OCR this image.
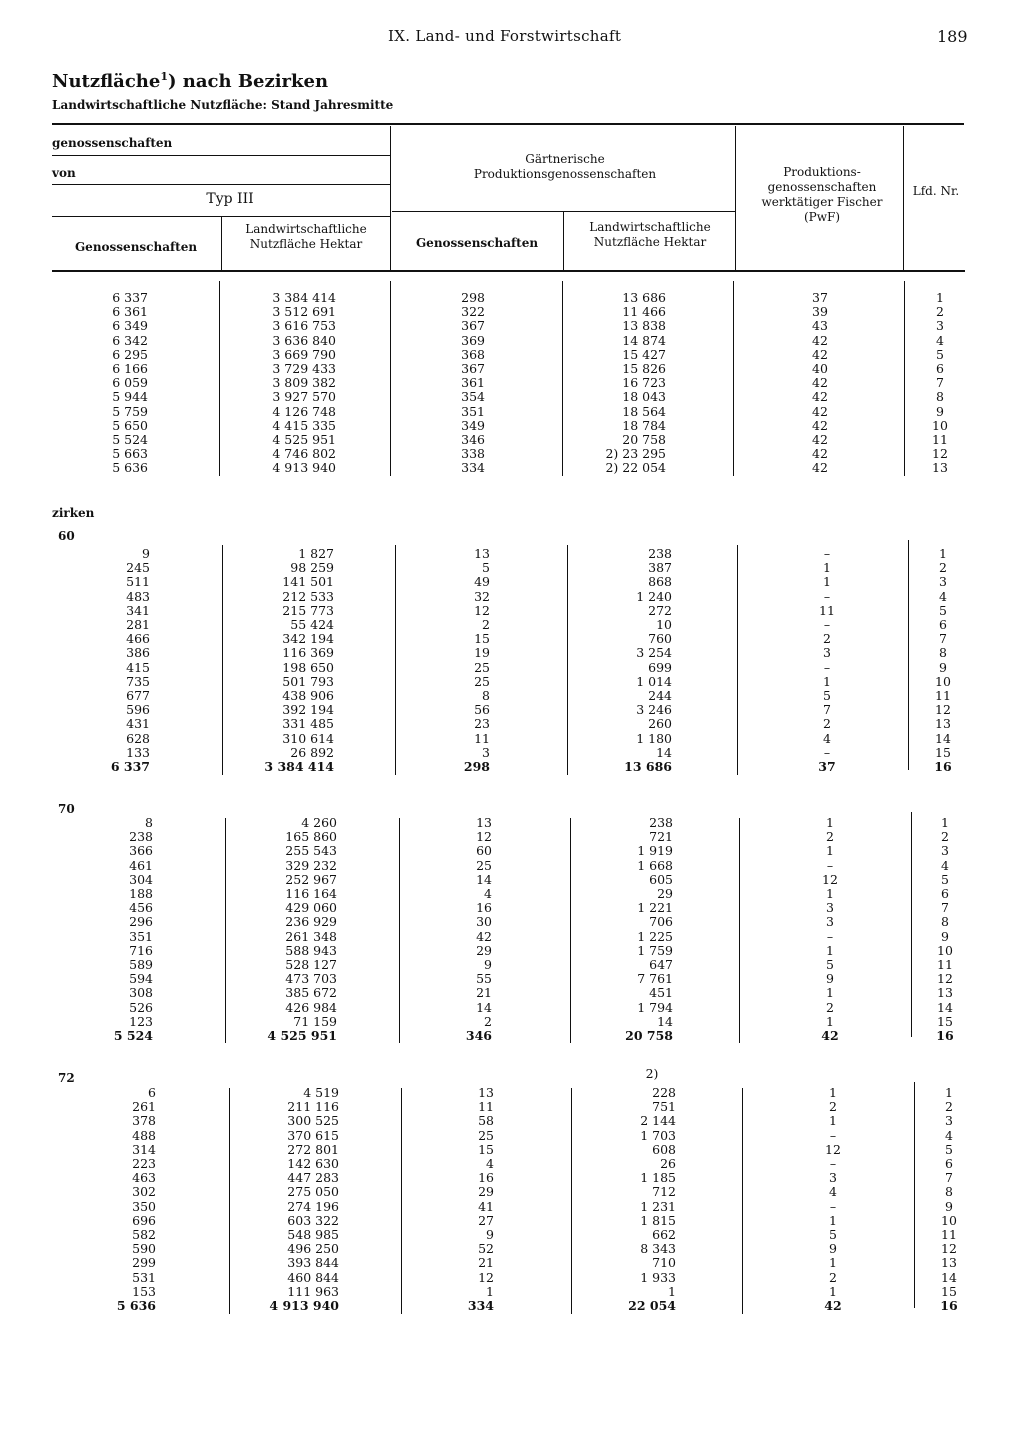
IX. Land- und Forstwirtschaft	189
Nutzfläche$^1$) nach Bezirken
Landwirtschaftliche Nutzfläche: Stand Jahresmitte
genossenschaften
von
Typ III
Genossenschaften
Landwirtschaftliche Nutzfläche Hektar
Gärtnerische Produktionsgenossenschaften
Genossenschaften
Landwirtschaftliche Nutzfläche Hektar
Produktions-genossenschaften werktätiger Fischer (PwF)
Lfd. Nr.
zirken
60
70
72
6 337
6 361
6 349
6 342
6 295
6 166
6 059
5 944
5 759
5 650
5 524
5 663
5 636
3 384 414
3 512 691
3 616 753
3 636 840
3 669 790
3 729 433
3 809 382
3 927 570
4 126 748
4 415 335
4 525 951
4 746 802
4 913 940
298
322
367
369
368
367
361
354
351
349
346
338
334
13 686
11 466
13 838
14 874
15 427
15 826
16 723
18 043
18 564
18 784
20 758
2) 23 295
2) 22 054
37
39
43
42
42
40
42
42
42
42
42
42
42
1
2
3
4
5
6
7
8
9
10
11
12
13
9
245
511
483
341
281
466
386
415
735
677
596
431
628
133
6 337
1 827
98 259
141 501
212 533
215 773
55 424
342 194
116 369
198 650
501 793
438 906
392 194
331 485
310 614
26 892
3 384 414
13
5
49
32
12
2
15
19
25
25
8
56
23
11
3
298
238
387
868
1 240
272
10
760
3 254
699
1 014
244
3 246
260
1 180
14
13 686
–
1
1
–
11
–
2
3
–
1
5
7
2
4
–
37
1
2
3
4
5
6
7
8
9
10
11
12
13
14
15
16
8
238
366
461
304
188
456
296
351
716
589
594
308
526
123
5 524
4 260
165 860
255 543
329 232
252 967
116 164
429 060
236 929
261 348
588 943
528 127
473 703
385 672
426 984
71 159
4 525 951
13
12
60
25
14
4
16
30
42
29
9
55
21
14
2
346
238
721
1 919
1 668
605
29
1 221
706
1 225
1 759
647
7 761
451
1 794
14
20 758
1
2
1
–
12
1
3
3
–
1
5
9
1
2
1
42
1
2
3
4
5
6
7
8
9
10
11
12
13
14
15
16
6
261
378
488
314
223
463
302
350
696
582
590
299
531
153
5 636
4 519
211 116
300 525
370 615
272 801
142 630
447 283
275 050
274 196
603 322
548 985
496 250
393 844
460 844
111 963
4 913 940
13
11
58
25
15
4
16
29
41
27
9
52
21
12
1
334
228
751
2 144
1 703
608
26
1 185
712
1 231
1 815
662
8 343
710
1 933
1
22 054
1
2
1
–
12
–
3
4
–
1
5
9
1
2
1
42
1
2
3
4
5
6
7
8
9
10
11
12
13
14
15
16
2)
